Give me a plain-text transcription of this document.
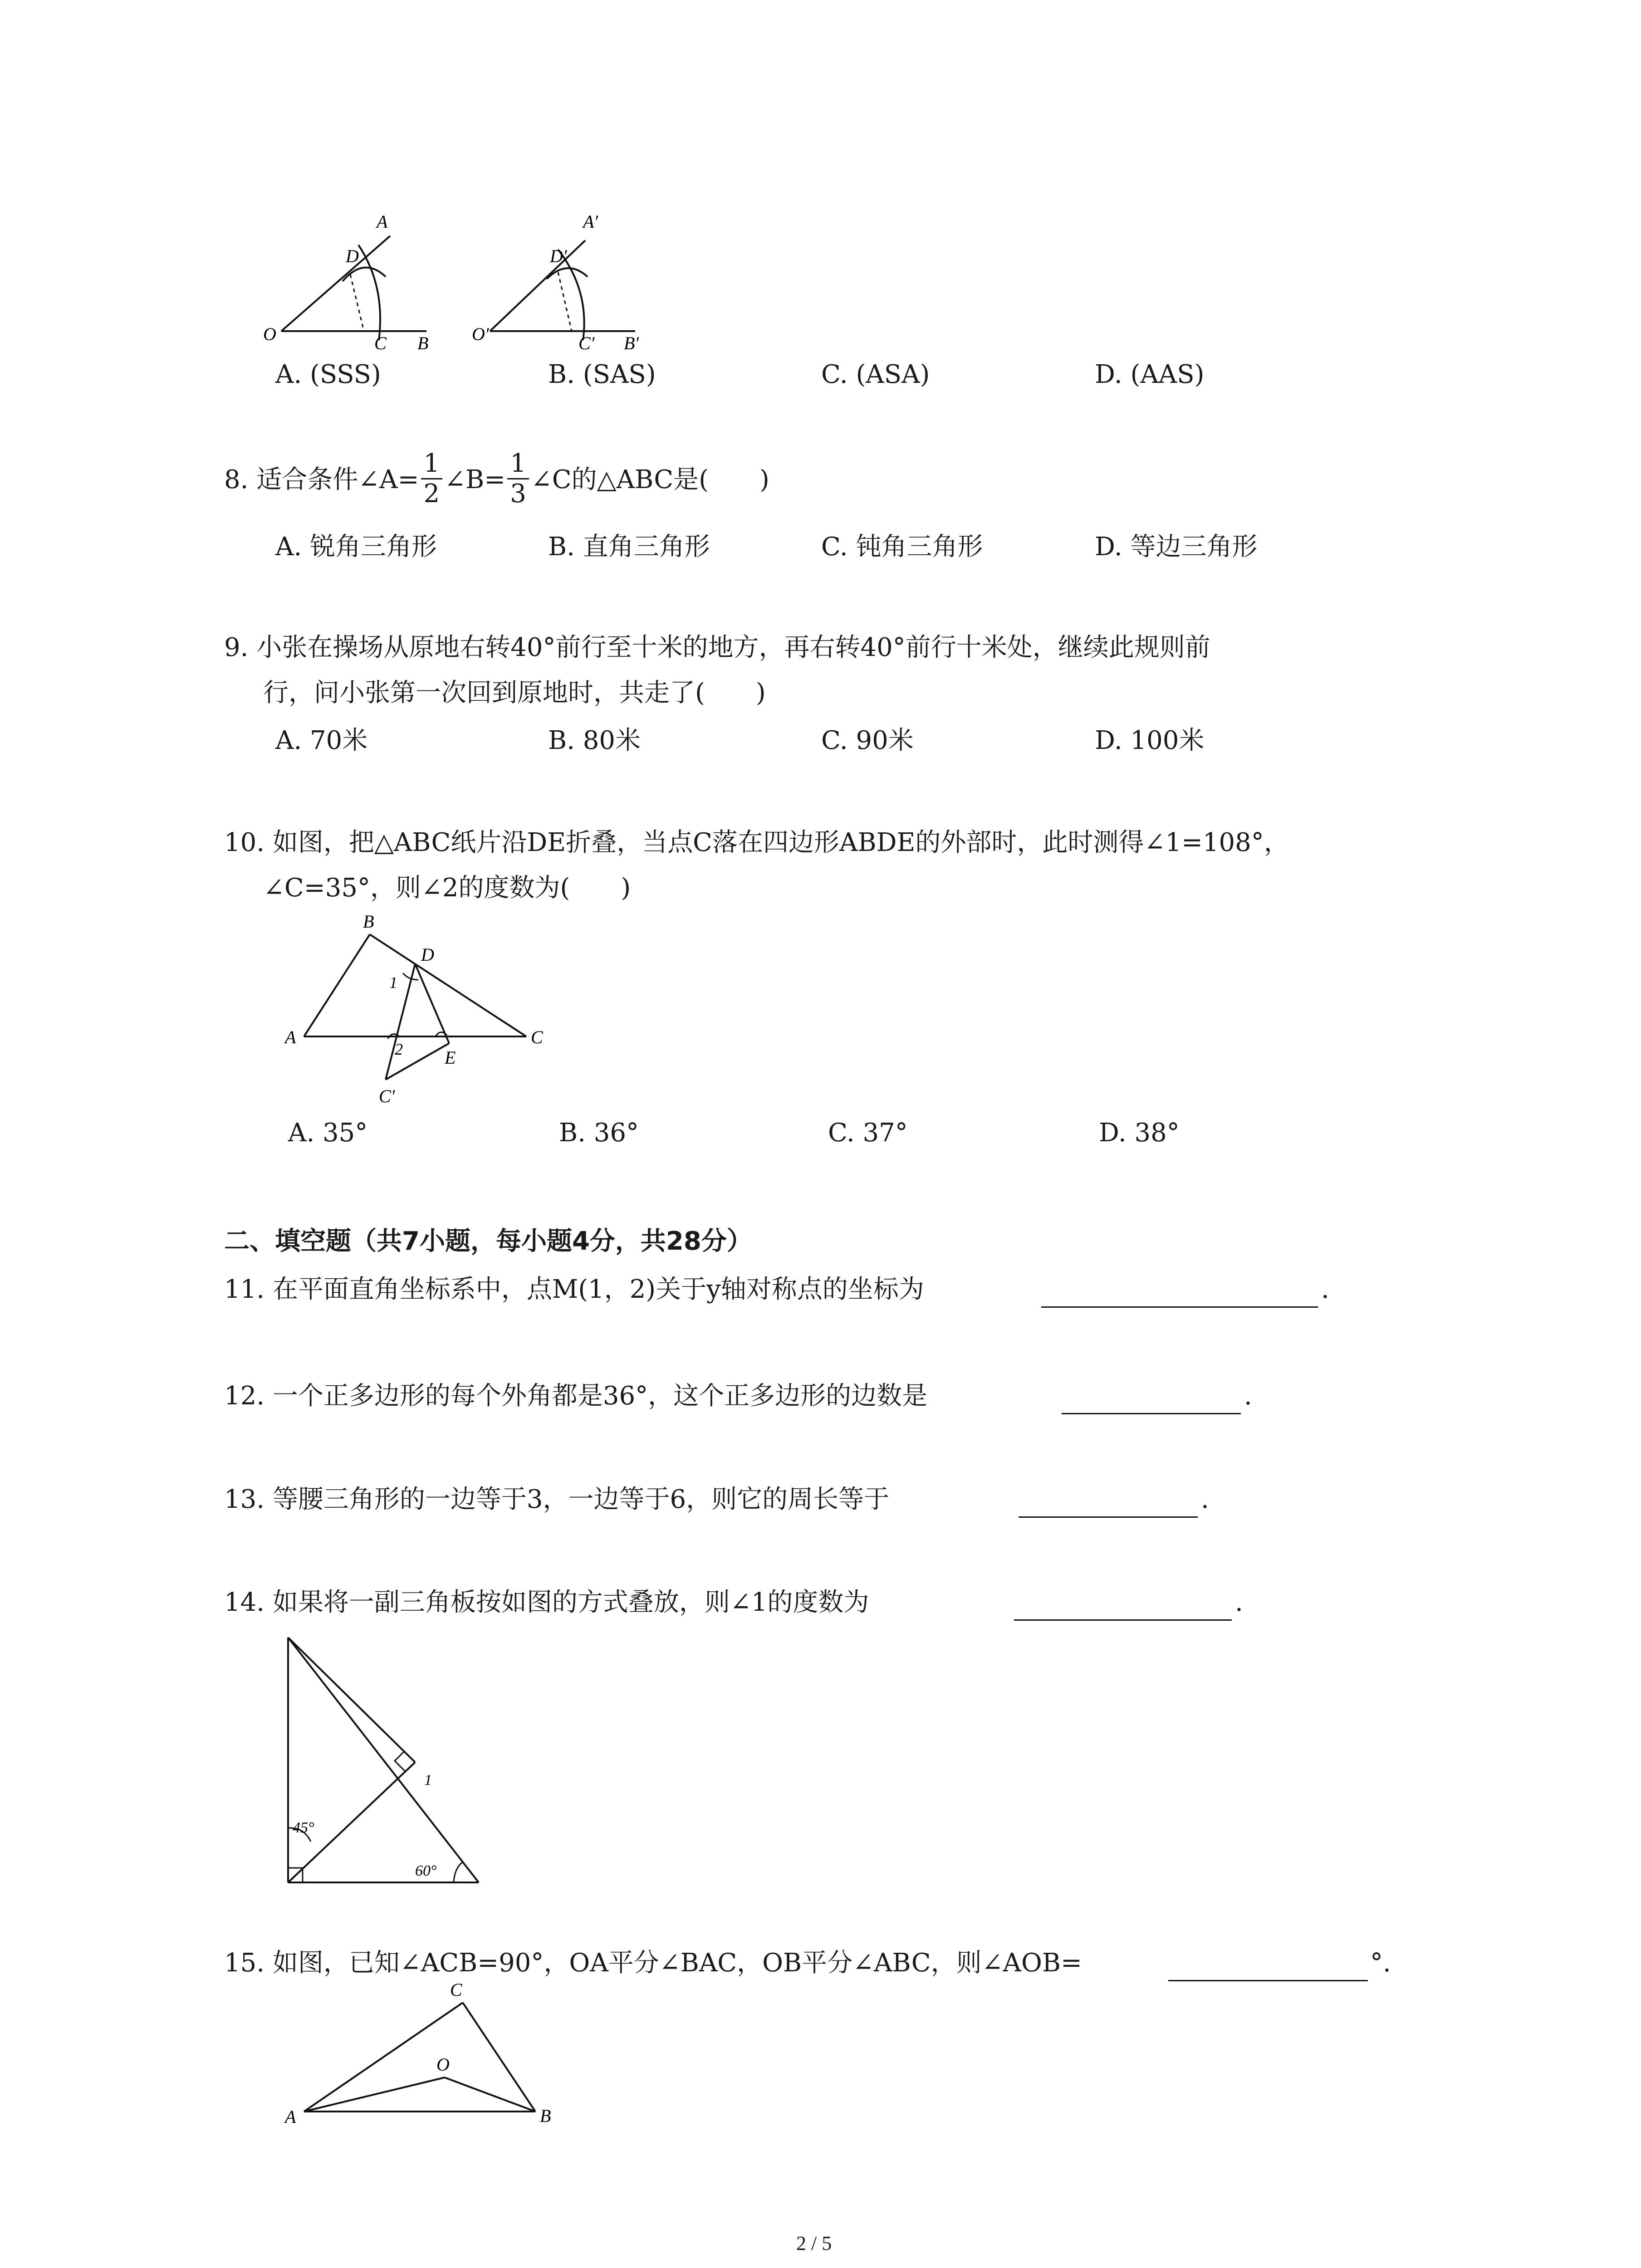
A
D
O	C B
A′
D′
O′	C′ B′
A. (SSS)	B. (SAS)	C. (ASA)	D. (AAS)
8. 适合条件∠A= $\frac{1}{2}$ ∠B= $\frac{1}{3}$ ∠C的△ABC是(　　)
A. 锐角三角形	B. 直角三角形	C. 钝角三角形	D. 等边三角形
9. 小张在操场从原地右转40°前行至十米的地方，再右转40°前行十米处，继续此规则前
行，问小张第一次回到原地时，共走了(　　)
A. 70米	B. 80米	C. 90米	D. 100米
10. 如图，把△ABC纸片沿DE折叠，当点C落在四边形ABDE的外部时，此时测得∠1=108°，
∠C=35°，则∠2的度数为(　　)
B
D
1
A	C
2 E
C′
A. 35°	B. 36°	C. 37°	D. 38°
二、填空题（共7小题，每小题4分，共28分）
11. 在平面直角坐标系中，点M(1，2)关于y轴对称点的坐标为	.
12. 一个正多边形的每个外角都是36°，这个正多边形的边数是	.
13. 等腰三角形的一边等于3，一边等于6，则它的周长等于	.
14. 如果将一副三角板按如图的方式叠放，则∠1的度数为	.
45°
60°
1
15. 如图，已知∠ACB=90°，OA平分∠BAC，OB平分∠ABC，则∠AOB=	°.
C
O
A	B
2 / 5
